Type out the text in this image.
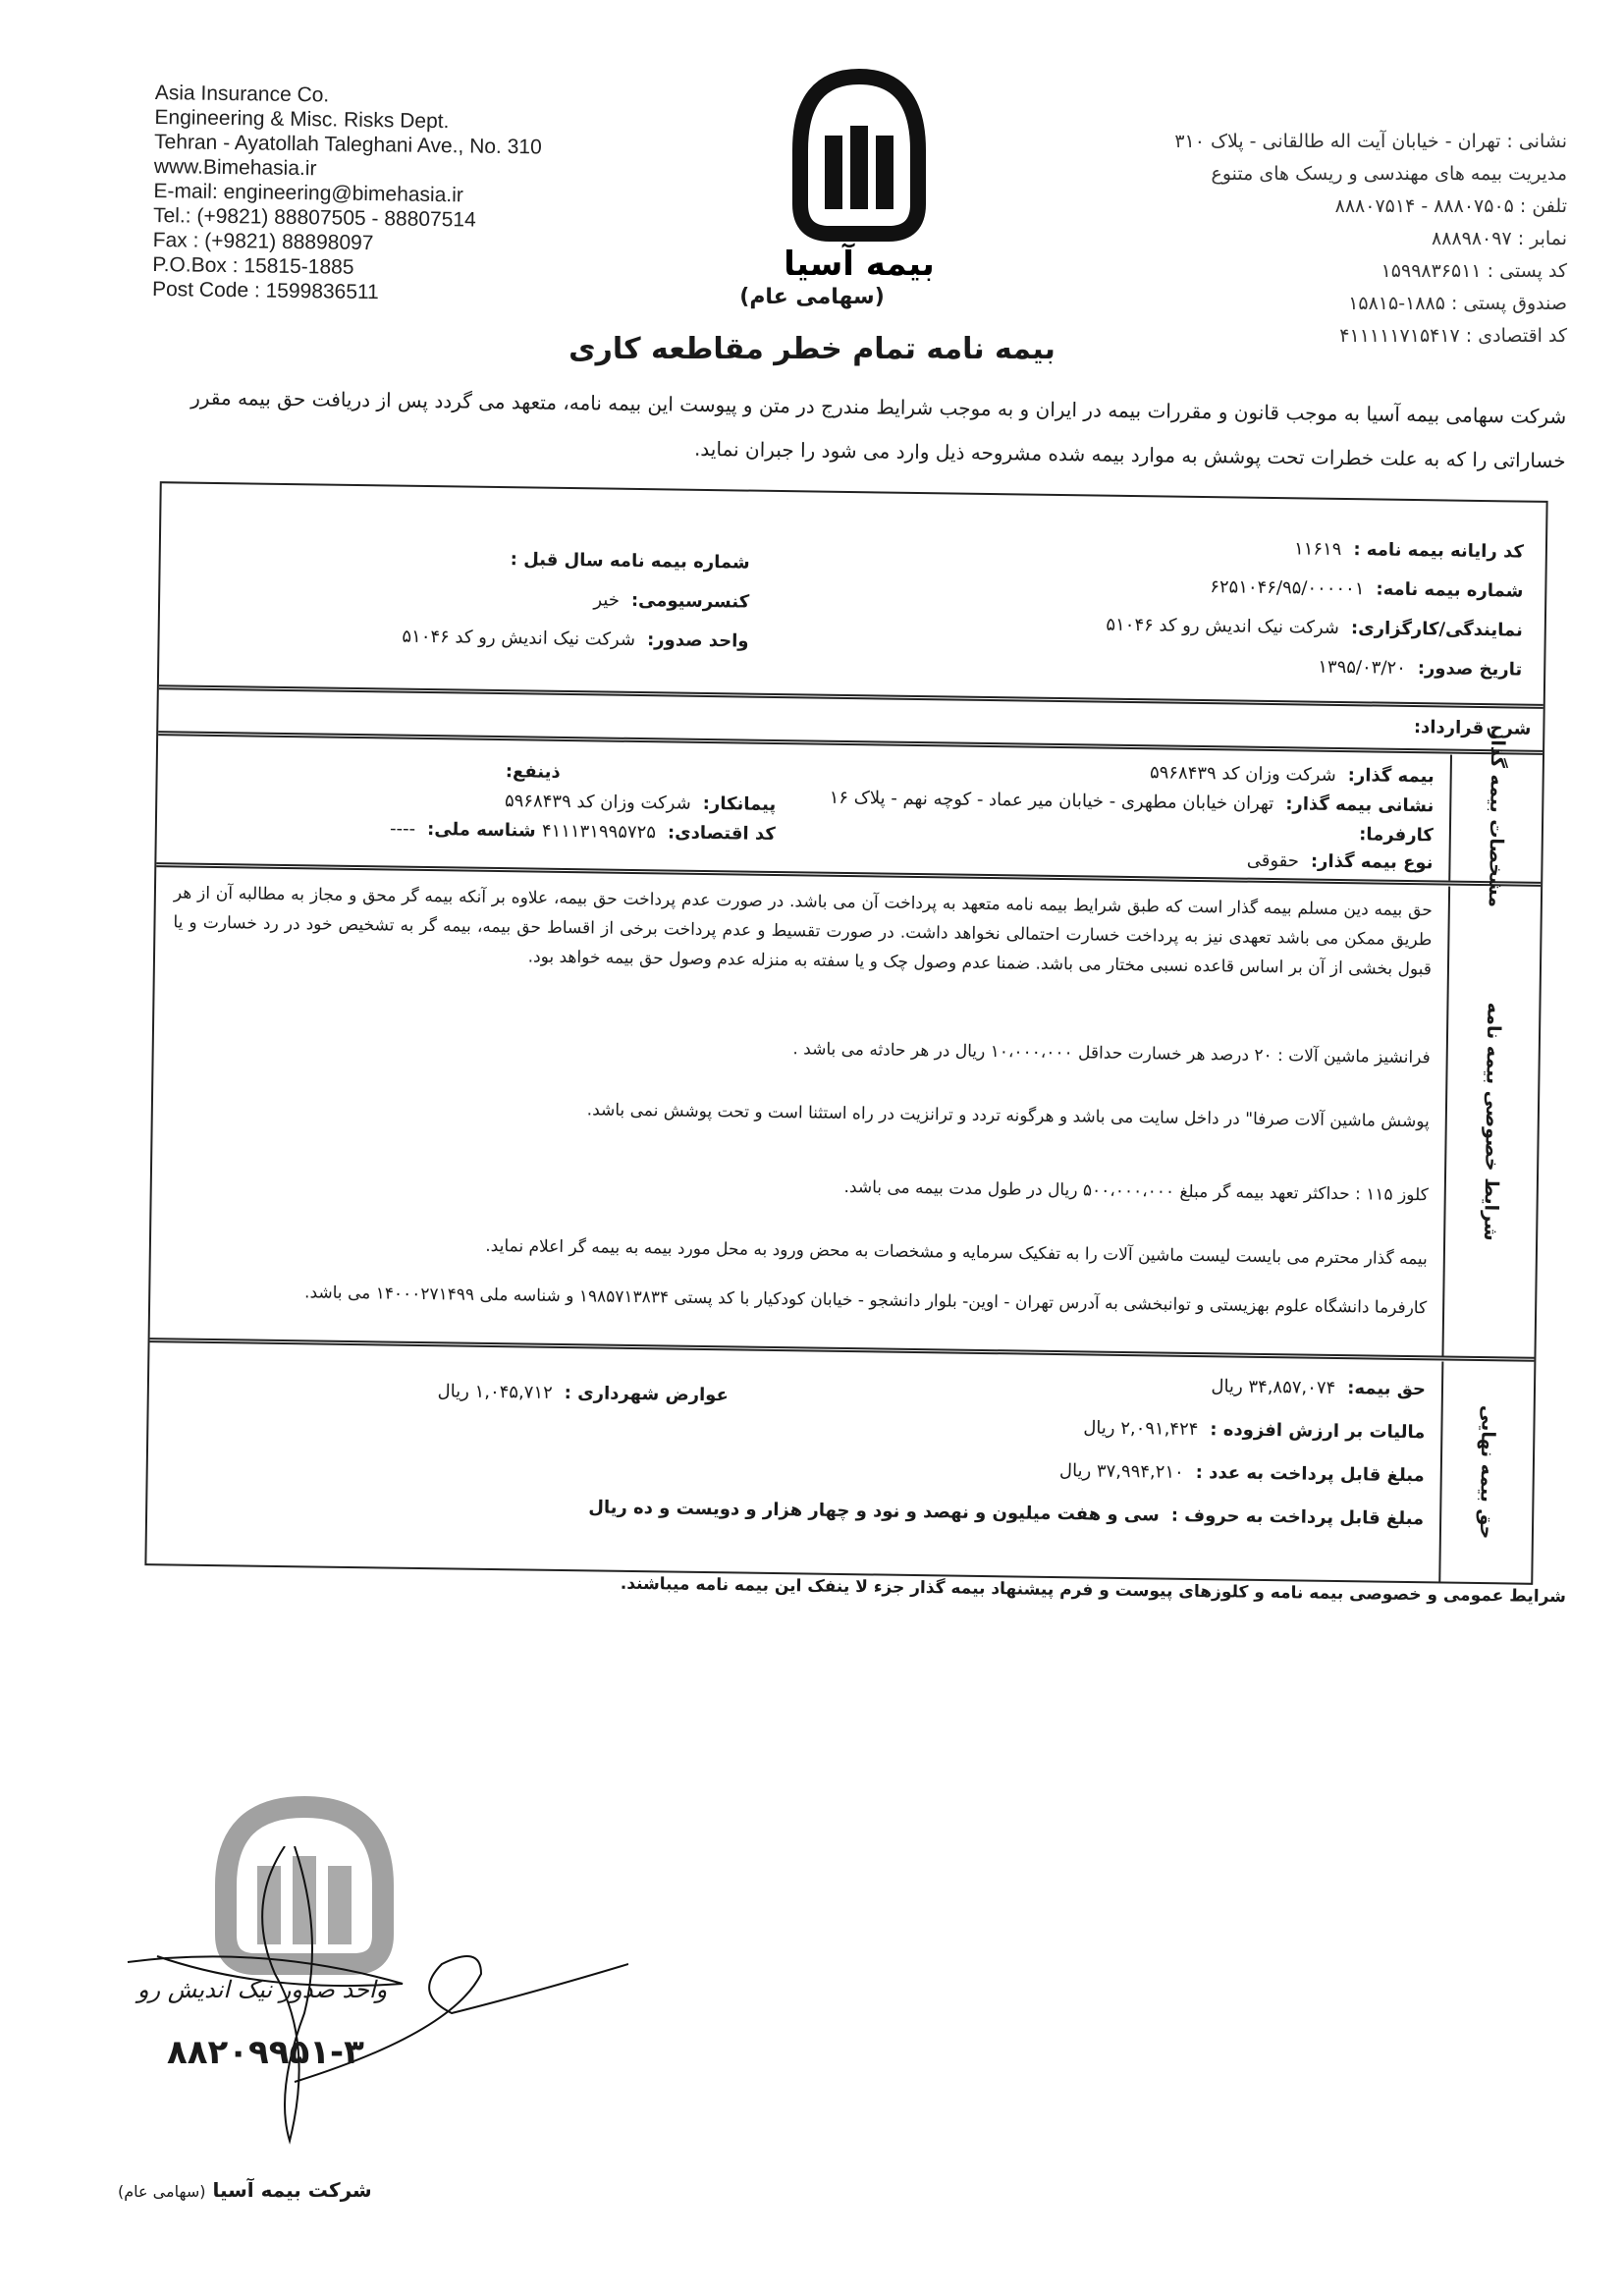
Asia Insurance Co.
Engineering & Misc. Risks Dept.
Tehran - Ayatollah Taleghani Ave., No. 310
www.Bimehasia.ir
E-mail: engineering@bimehasia.ir
Tel.: (+9821) 88807505 - 88807514
Fax : (+9821) 88898097
P.O.Box : 15815-1885
Post Code : 1599836511
بیمه آسیا
نشانی : تهران - خیابان آیت اله طالقانی - پلاک ۳۱۰
مدیریت بیمه های مهندسی و ریسک های متنوع
تلفن : ۸۸۸۰۷۵۰۵ - ۸۸۸۰۷۵۱۴
نمابر : ۸۸۸۹۸۰۹۷
کد پستی : ۱۵۹۹۸۳۶۵۱۱
صندوق پستی : ۱۸۸۵-۱۵۸۱۵
کد اقتصادی : ۴۱۱۱۱۱۷۱۵۴۱۷
(سهامی عام)
بیمه نامه تمام خطر مقاطعه کاری
شرکت سهامی بیمه آسیا به موجب قانون و مقررات بیمه در ایران و به موجب شرایط مندرج در متن و پیوست این بیمه نامه، متعهد می گردد پس از دریافت حق بیمه مقرر خساراتی را که به علت خطرات تحت پوشش به موارد بیمه شده مشروحه ذیل وارد می شود را جبران نماید.
کد رایانه بیمه نامه :۱۱۶۱۹
شماره بیمه نامه:۶۲۵۱۰۴۶/۹۵/۰۰۰۰۰۱
نمایندگی/کارگزاری:شرکت نیک اندیش رو کد ۵۱۰۴۶
تاریخ صدور:۱۳۹۵/۰۳/۲۰
شماره بیمه نامه سال قبل :
کنسرسیومی:خیر
واحد صدور:شرکت نیک اندیش رو کد ۵۱۰۴۶
شرح قرارداد:
مشخصات بیمه گذار
بیمه گذار:شرکت وزان کد ۵۹۶۸۴۳۹
نشانی بیمه گذار:تهران خیابان مطهری - خیابان میر عماد - کوچه نهم - پلاک ۱۶
کارفرما:
نوع بیمه گذار:حقوقی
ذینفع:
پیمانکار:شرکت وزان کد ۵۹۶۸۴۳۹
کد اقتصادی:۴۱۱۱۳۱۹۹۵۷۲۵ شناسه ملی:----
شرایط خصوصی بیمه نامه
حق بیمه دین مسلم بیمه گذار است که طبق شرایط بیمه نامه متعهد به پرداخت آن می باشد. در صورت عدم پرداخت حق بیمه، علاوه بر آنکه بیمه گر محق و مجاز به مطالبه آن از هر طریق ممکن می باشد تعهدی نیز به پرداخت خسارت احتمالی نخواهد داشت. در صورت تقسیط و عدم پرداخت برخی از اقساط حق بیمه، بیمه گر به تشخیص خود در رد خسارت و یا قبول بخشی از آن بر اساس قاعده نسبی مختار می باشد. ضمنا عدم وصول چک و یا سفته به منزله عدم وصول حق بیمه خواهد بود.
فرانشیز ماشین آلات : ۲۰ درصد هر خسارت حداقل ۱۰،۰۰۰،۰۰۰ ریال در هر حادثه می باشد .
پوشش ماشین آلات صرفا" در داخل سایت می باشد و هرگونه تردد و ترانزیت در راه استثنا است و تحت پوشش نمی باشد.
کلوز ۱۱۵ : حداکثر تعهد بیمه گر مبلغ ۵۰۰،۰۰۰،۰۰۰ ریال در طول مدت بیمه می باشد.
بیمه گذار محترم می بایست لیست ماشین آلات را به تفکیک سرمایه و مشخصات به محض ورود به محل مورد بیمه به بیمه گر اعلام نماید.
کارفرما دانشگاه علوم بهزیستی و توانبخشی به آدرس تهران - اوین- بلوار دانشجو - خیابان کودکیار با کد پستی ۱۹۸۵۷۱۳۸۳۴ و شناسه ملی ۱۴۰۰۰۲۷۱۴۹۹ می باشد.
حق بیمه نهایی
حق بیمه:۳۴,۸۵۷,۰۷۴ ریال
مالیات بر ارزش افزوده :۲,۰۹۱,۴۲۴ ریال
مبلغ قابل پرداخت به عدد :۳۷,۹۹۴,۲۱۰ ریال
مبلغ قابل پرداخت به حروف :سی و هفت میلیون و نهصد و نود و چهار هزار و دویست و ده ریال
عوارض شهرداری :۱,۰۴۵,۷۱۲ ریال
شرایط عمومی و خصوصی بیمه نامه و کلوزهای پیوست و فرم پیشنهاد بیمه گذار جزء لا ینفک این بیمه نامه میباشند.
واحد صدور نیک اندیش رو
۸۸۲۰۹۹۵۱-۳
شرکت بیمه آسیا (سهامی عام)
